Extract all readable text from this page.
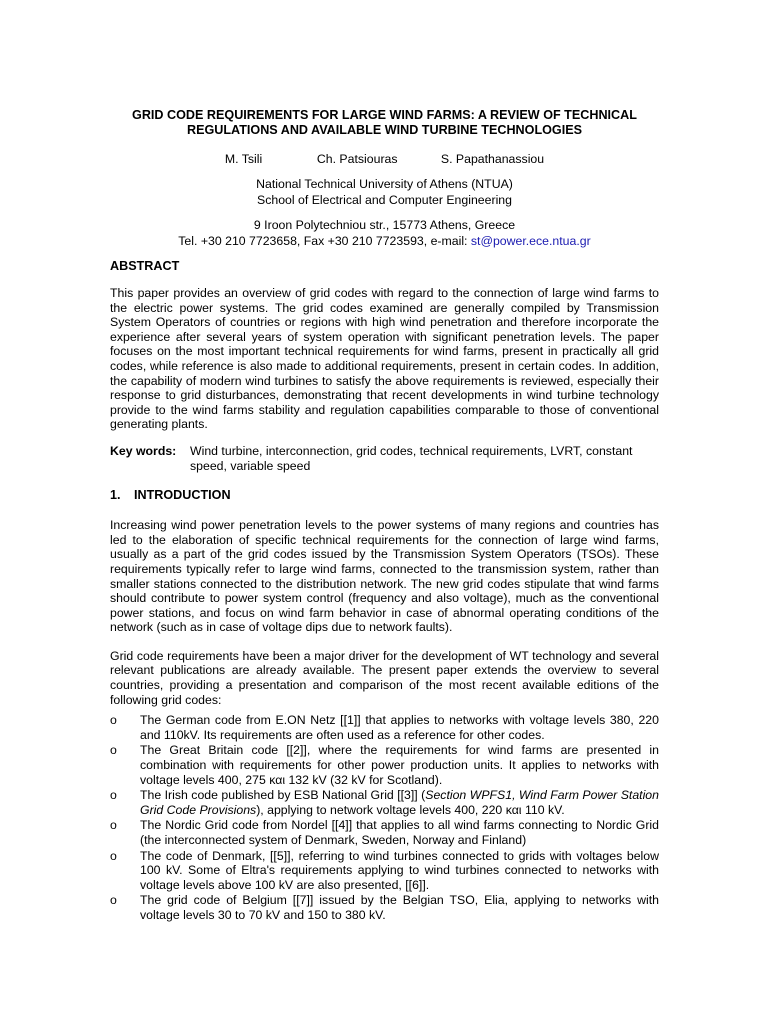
GRID CODE REQUIREMENTS FOR LARGE WIND FARMS: A REVIEW OF TECHNICAL
REGULATIONS AND AVAILABLE WIND TURBINE TECHNOLOGIES
M. Tsili	Ch. Patsiouras	S. Papathanassiou
National Technical University of Athens (NTUA)
School of Electrical and Computer Engineering
9 Iroon Polytechniou str., 15773 Athens, Greece
Tel. +30 210 7723658, Fax +30 210 7723593, e-mail: st@power.ece.ntua.gr
ABSTRACT

This paper provides an overview of grid codes with regard to the connection of large wind farms to the electric power systems. The grid codes examined are generally compiled by Transmission System Operators of countries or regions with high wind penetration and therefore incorporate the experience after several years of system operation with significant penetration levels. The paper focuses on the most important technical requirements for wind farms, present in practically all grid codes, while reference is also made to additional requirements, present in certain codes. In addition, the capability of modern wind turbines to satisfy the above requirements is reviewed, especially their response to grid disturbances, demonstrating that recent developments in wind turbine technology provide to the wind farms stability and regulation capabilities comparable to those of conventional generating plants.

Key words:	Wind turbine, interconnection, grid codes, technical requirements, LVRT, constant speed, variable speed
1. INTRODUCTION

Increasing wind power penetration levels to the power systems of many regions and countries has led to the elaboration of specific technical requirements for the connection of large wind farms, usually as a part of the grid codes issued by the Transmission System Operators (TSOs). These requirements typically refer to large wind farms, connected to the transmission system, rather than smaller stations connected to the distribution network. The new grid codes stipulate that wind farms should contribute to power system control (frequency and also voltage), much as the conventional power stations, and focus on wind farm behavior in case of abnormal operating conditions of the network (such as in case of voltage dips due to network faults).

Grid code requirements have been a major driver for the development of WT technology and several relevant publications are already available. The present paper extends the overview to several countries, providing a presentation and comparison of the most recent available editions of the following grid codes:

o	The German code from E.ON Netz [[1]] that applies to networks with voltage levels 380, 220 and 110kV. Its requirements are often used as a reference for other codes.
o	The Great Britain code [[2]], where the requirements for wind farms are presented in combination with requirements for other power production units. It applies to networks with voltage levels 400, 275 και 132 kV (32 kV for Scotland).
o	The Irish code published by ESB National Grid [[3]] (Section WPFS1, Wind Farm Power Station Grid Code Provisions), applying to network voltage levels 400, 220 και 110 kV.
o	The Nordic Grid code from Nordel [[4]] that applies to all wind farms connecting to Nordic Grid (the interconnected system of Denmark, Sweden, Norway and Finland)
o	The code of Denmark, [[5]], referring to wind turbines connected to grids with voltages below 100 kV. Some of Eltra's requirements applying to wind turbines connected to networks with voltage levels above 100 kV are also presented, [[6]].
o	The grid code of Belgium [[7]] issued by the Belgian TSO, Elia, applying to networks with voltage levels 30 to 70 kV and 150 to 380 kV.
